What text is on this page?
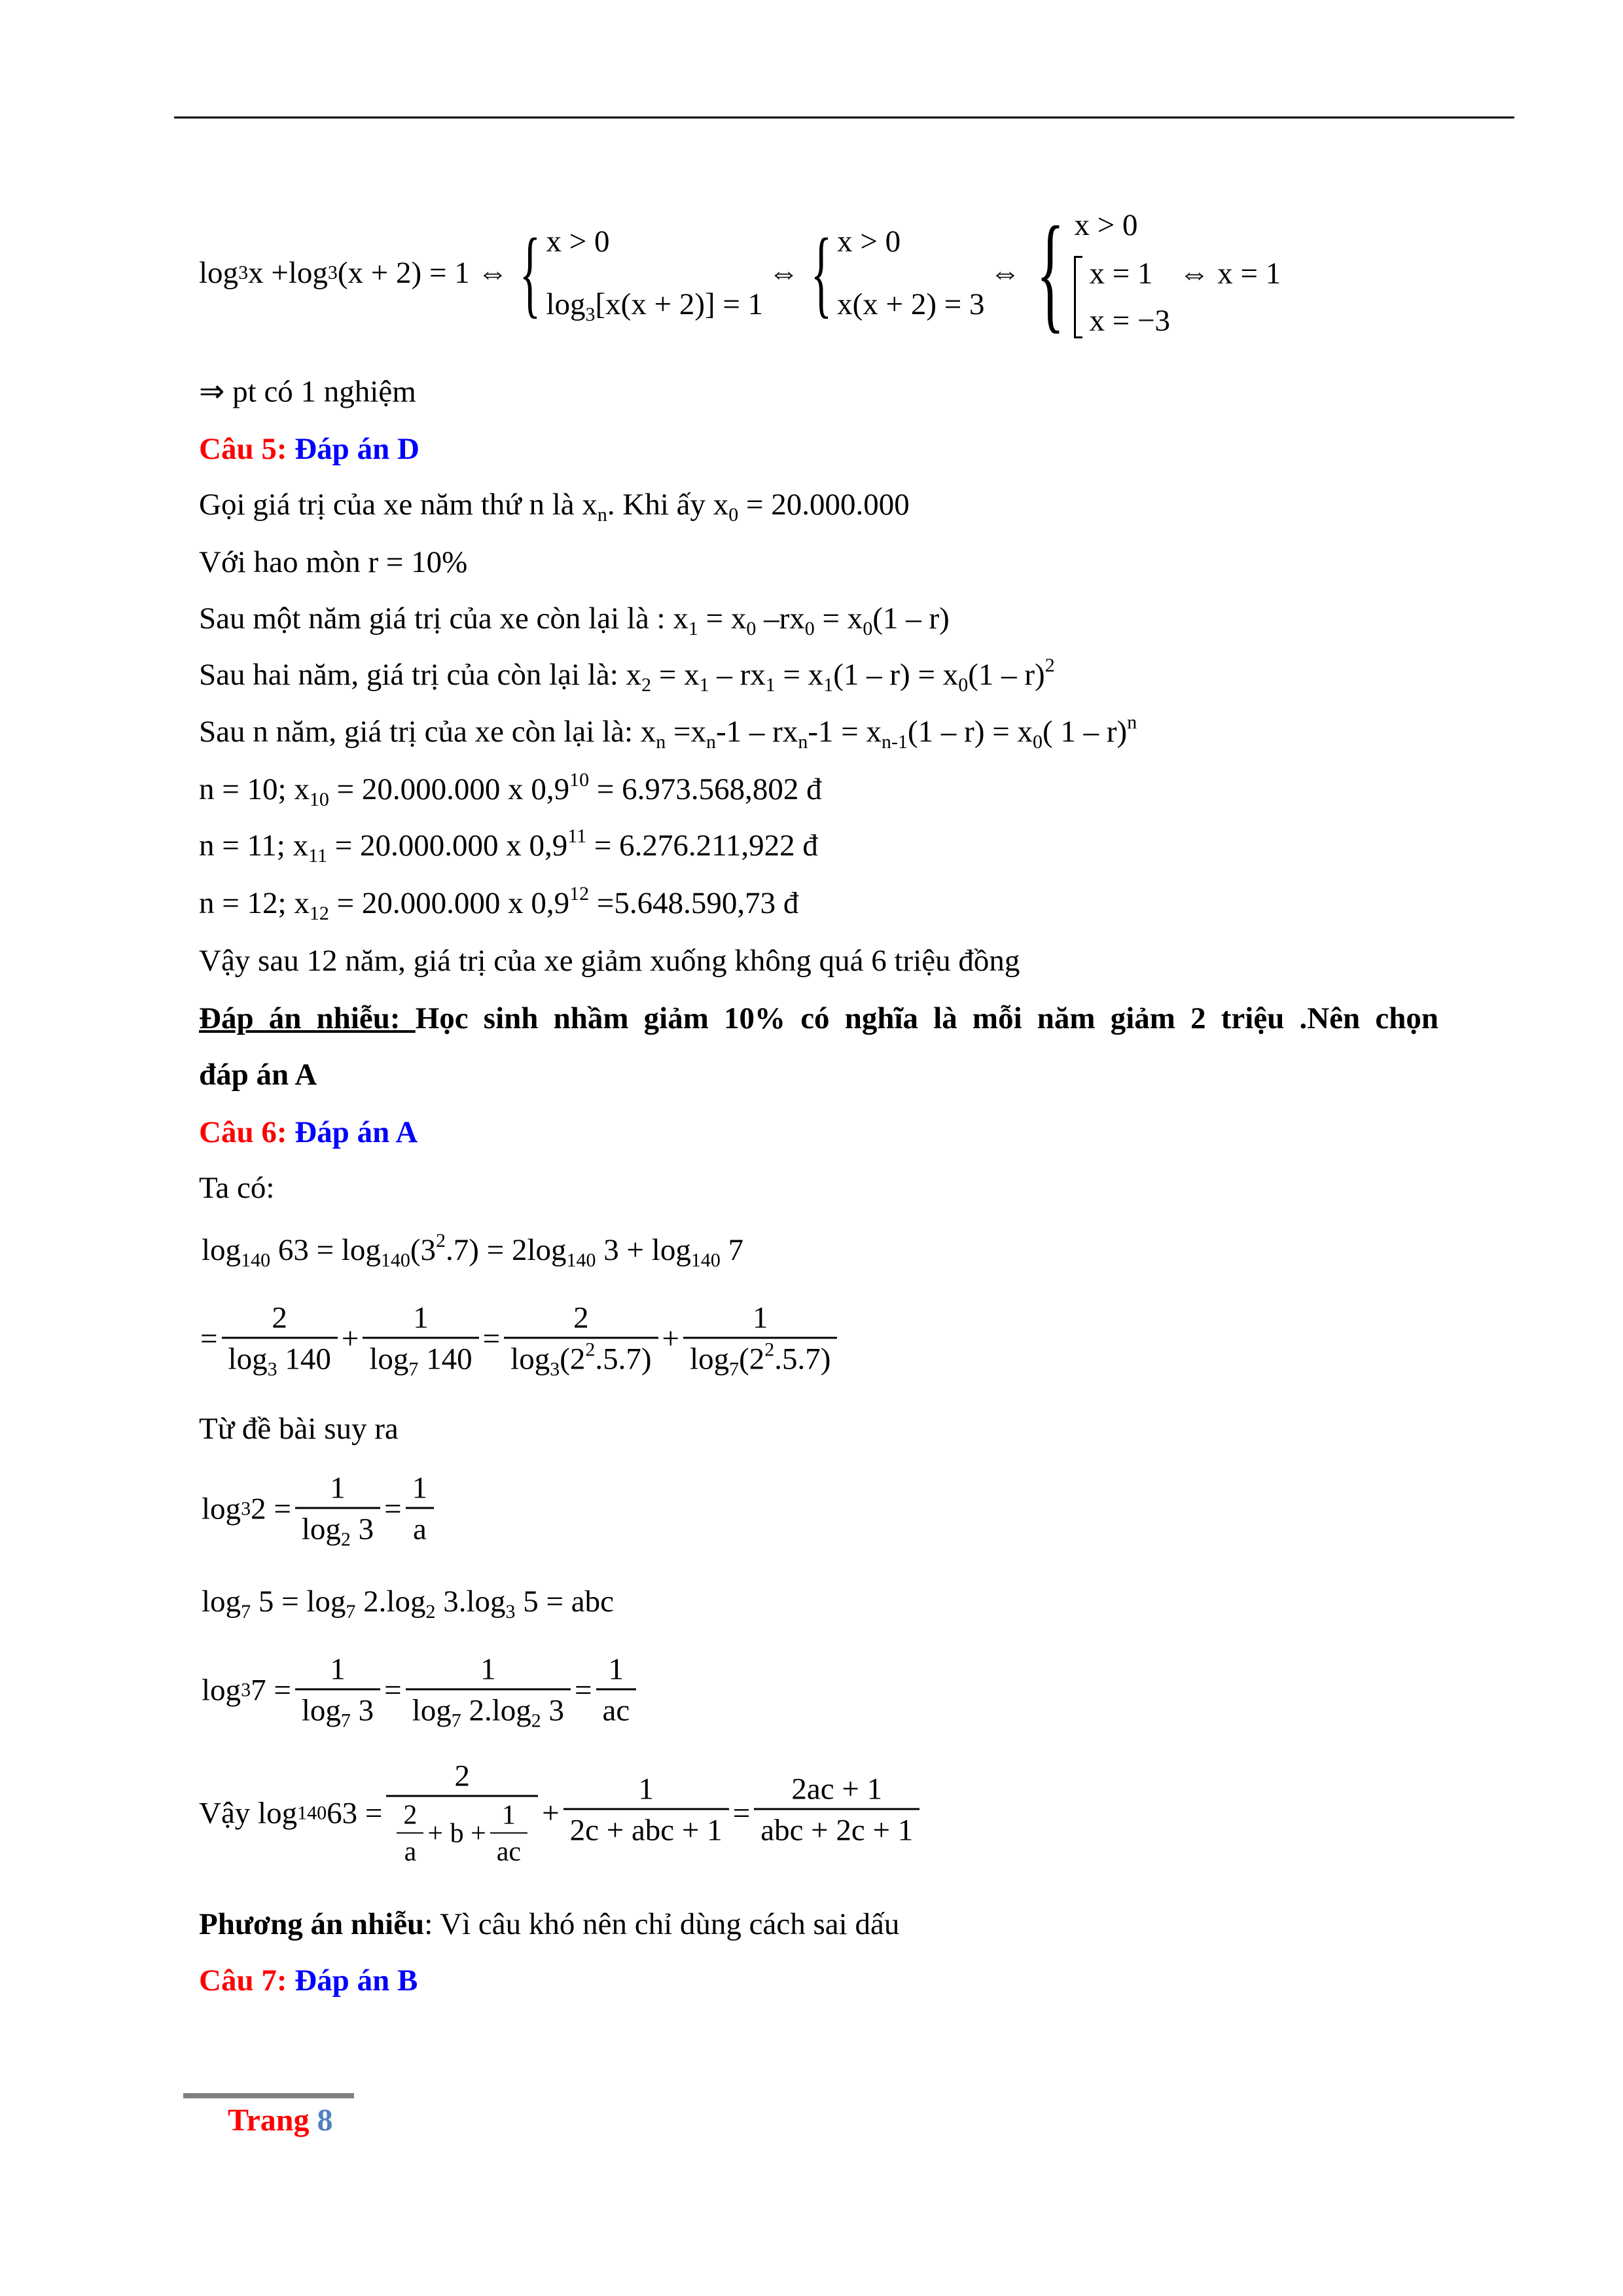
log 3 x + log 3 (x + 2) = 1 ⇔ { x > 0
$\log_3[x(x + 2)] = 1$
⇔ { x > 0
x(x + 2) = 3
⇔ { x > 0
x = 1 ⇔ x = 1
x = −3
⇒ pt có 1 nghiệm
Câu 5: Đáp án D
Gọi giá trị của xe năm thứ n là $x_n$. Khi ấy $x_0 = 20.000.000$
Với hao mòn r = 10%
Sau một năm giá trị của xe còn lại là : $x_1 = x_0$ $-rx_0 = x_0(1 - r)$
Sau hai năm, giá trị của còn lại là: $x_2 = x_1 - rx_1 = x_1(1 - r) = x_0(1 - r)^2$
Sau n năm, giá trị của xe còn lại là: $x_n =x_n-1 - rx_n-1 = x_{n-1}(1 - r) = x_0$( 1 – r)$^n$
n = 10; $x_{10} = 20.000.000$ x $0,9^{10} = 6.973.568,802$ đ
n = 11; $x_{11} = 20.000.000$ x $0,9^{11} = 6.276.211,922$ đ
n = 12; $x_{12} = 20.000.000$ x $0,9^{12} =5.648.590,73$ đ
Vậy sau 12 năm, giá trị của xe giảm xuống không quá 6 triệu đồng
Đáp án nhiễu: Học sinh nhầm giảm 10% có nghĩa là mỗi năm giảm 2 triệu .Nên chọn
đáp án A
Câu 6: Đáp án A
Ta có:
$\log_{140} 63 = \log_{140}(3^2.7) = 2\log_{140}$ $3 + \log_{140} 7$
= $\frac{2}{\log_3 140} + \frac{1}{\log_7 140} = \frac{2}{\log_3(2^2.5.7)} + \frac{1}{\log_7(2^2.5.7)}$
Từ đề bài suy ra
log 3 $2 = \frac{1}{\log_2 3} = \frac{1}{a}$
$\log_7 5 = \log_7 2.\log_2$ $3.\log_3$ 5 = abc
log 3 $7 = \frac{1}{\log_7 3} = \frac{1}{\log_7 2.\log_2 3} = \frac{1}{ac}$
Vậy log 140 $63 = \frac{2}{\frac{2}{a} + b + \frac{1}{ac}} + \frac{1}{\text{2c + abc + 1}} = \frac{2ac + 1}{\text{abc + 2c + 1}}$
Phương án nhiễu: Vì câu khó nên chỉ dùng cách sai dấu
Câu 7: Đáp án B
Trang 8
